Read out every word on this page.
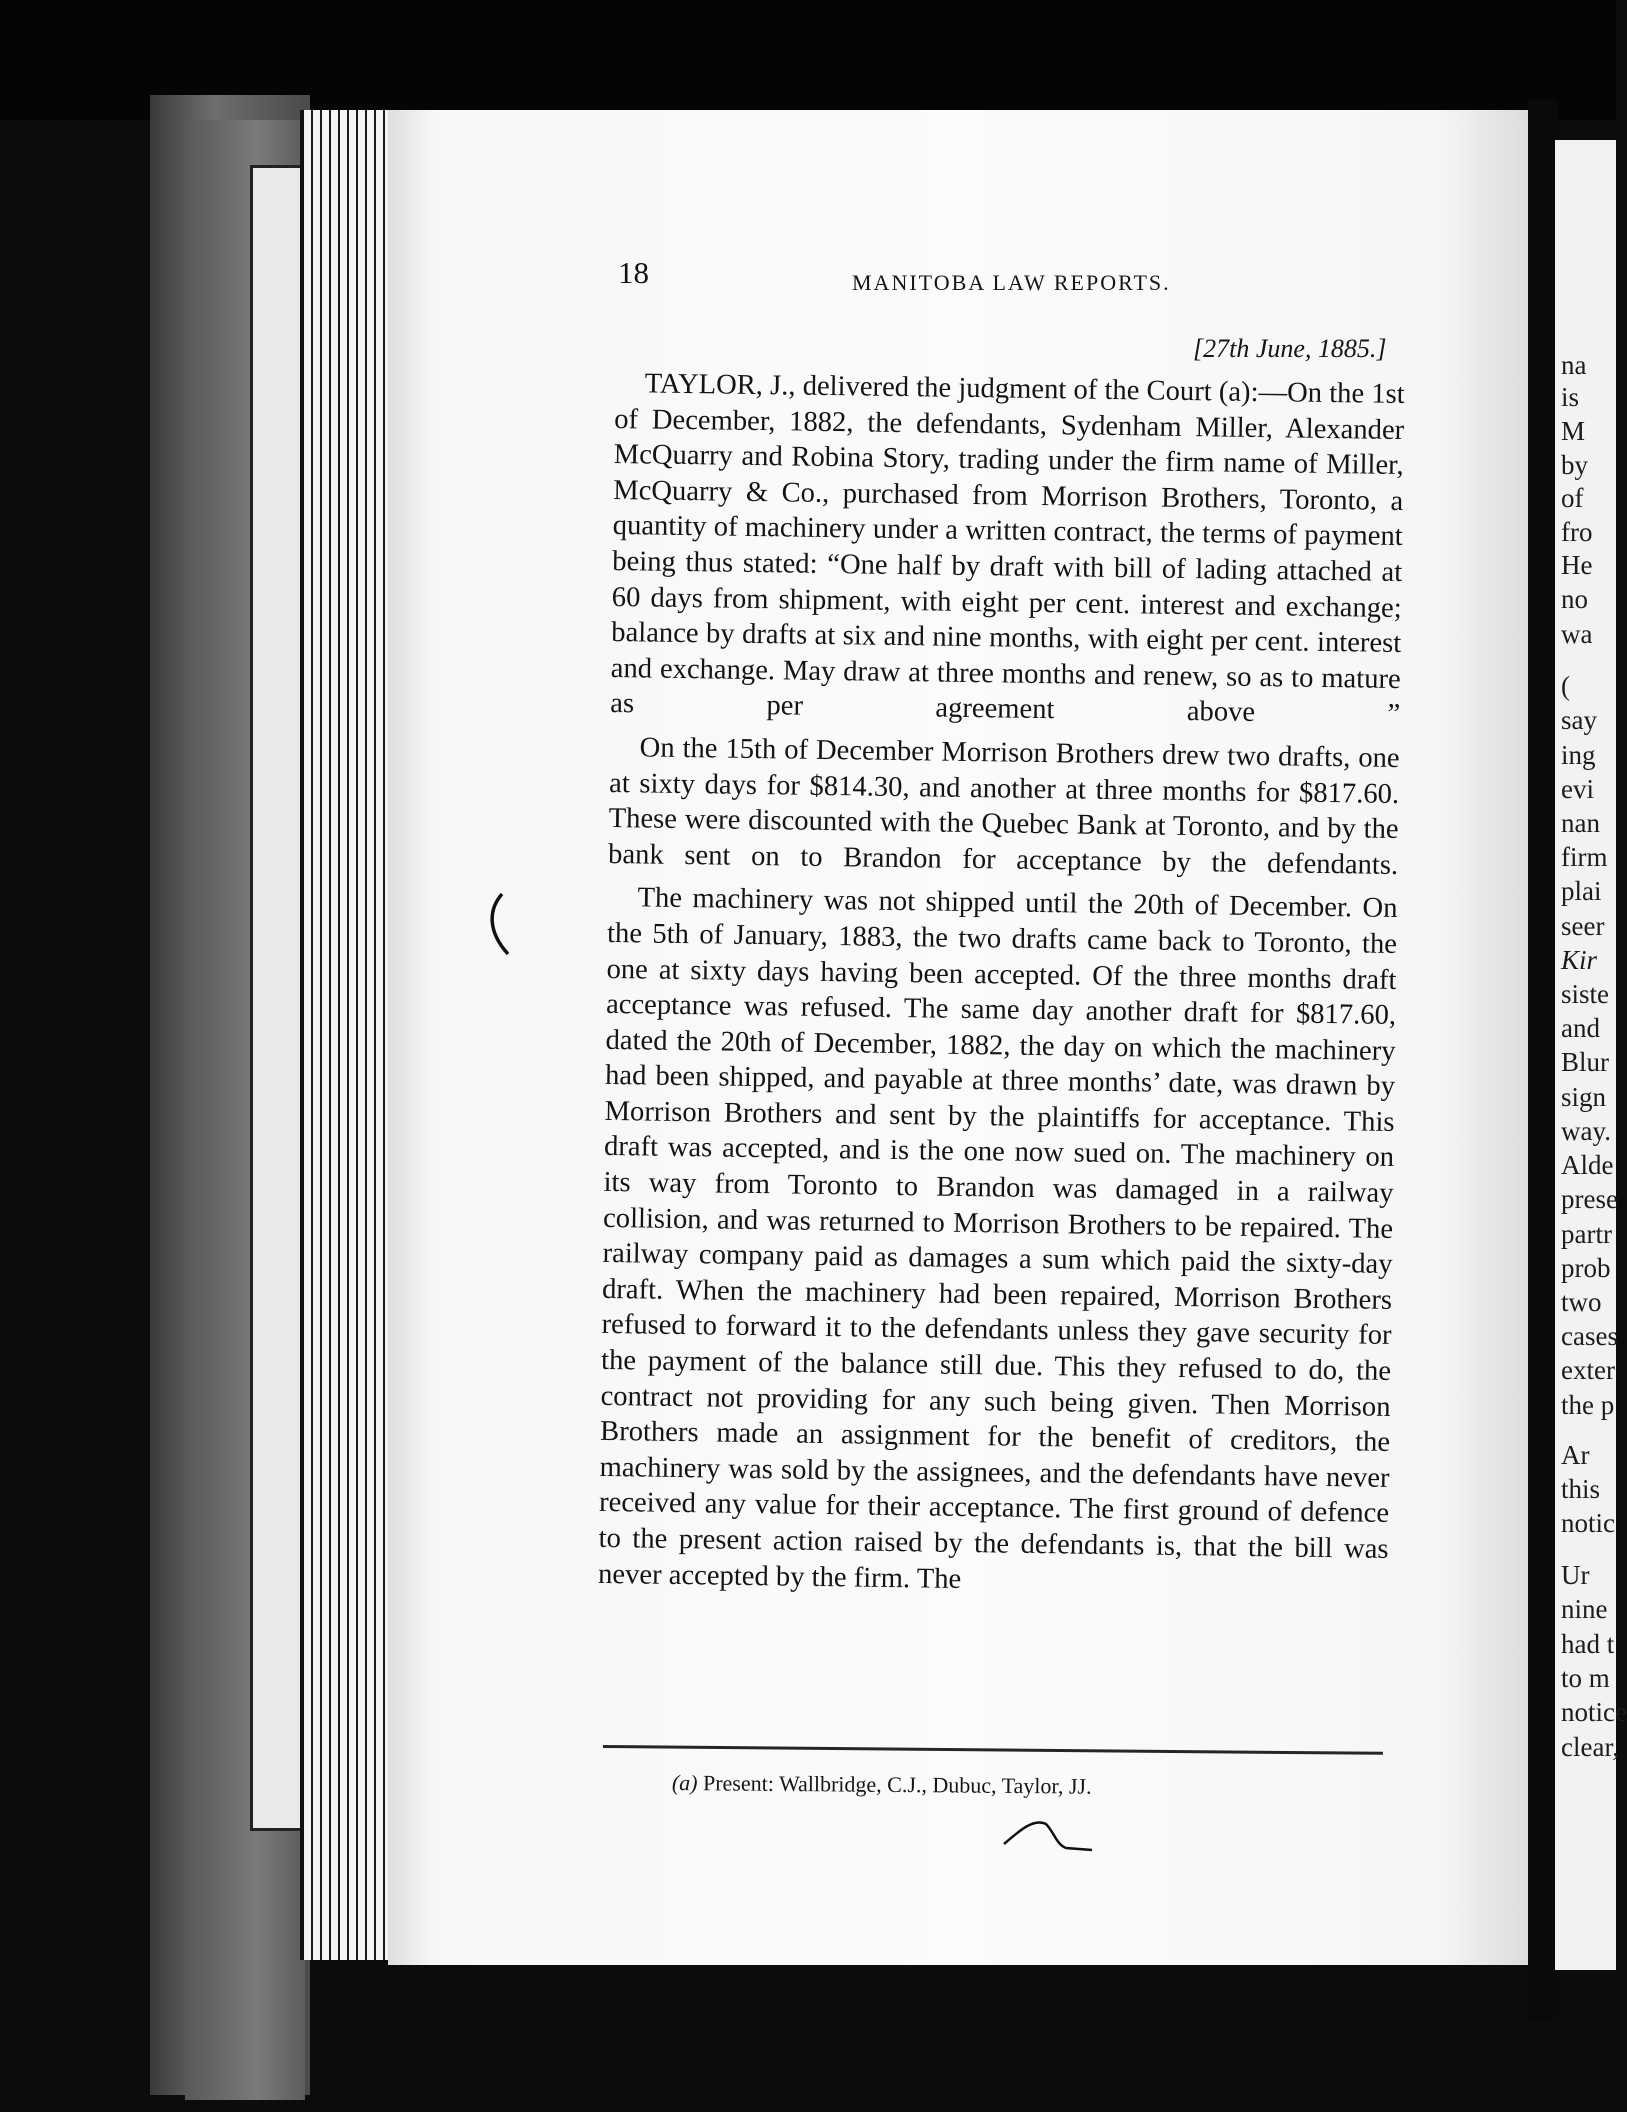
18	MANITOBA LAW REPORTS.
[27th June, 1885.]

TAYLOR, J., delivered the judgment of the Court (a):—On the 1st of December, 1882, the defendants, Sydenham Miller, Alexander McQuarry and Robina Story, trading under the firm name of Miller, McQuarry & Co., purchased from Morrison Brothers, Toronto, a quantity of machinery under a written contract, the terms of payment being thus stated: “One half by draft with bill of lading attached at 60 days from shipment, with eight per cent. interest and exchange; balance by drafts at six and nine months, with eight per cent. interest and exchange. May draw at three months and renew, so as to mature as per agreement above ”

On the 15th of December Morrison Brothers drew two drafts, one at sixty days for $814.30, and another at three months for $817.60. These were discounted with the Quebec Bank at Toronto, and by the bank sent on to Brandon for acceptance by the defendants.

The machinery was not shipped until the 20th of December. On the 5th of January, 1883, the two drafts came back to Toronto, the one at sixty days having been accepted. Of the three months draft acceptance was refused. The same day another draft for $817.60, dated the 20th of December, 1882, the day on which the machinery had been shipped, and payable at three months’ date, was drawn by Morrison Brothers and sent by the plaintiffs for acceptance. This draft was accepted, and is the one now sued on. The machinery on its way from Toronto to Brandon was damaged in a railway collision, and was returned to Morrison Brothers to be repaired. The railway company paid as damages a sum which paid the sixty-day draft. When the machinery had been repaired, Morrison Brothers refused to forward it to the defendants unless they gave security for the payment of the balance still due. This they refused to do, the contract not providing for any such being given. Then Morrison Brothers made an assignment for the benefit of creditors, the machinery was sold by the assignees, and the defendants have never received any value for their acceptance. The first ground of defence to the present action raised by the defendants is, that the bill was never accepted by the firm. The

(a) Present: Wallbridge, C.J., Dubuc, Taylor, JJ.
na
is
M
by
of
fro
He
no
wa
(
say
ing
evi
nan
firm
plai
seer
Kir
siste
and
Blur
sign
way.
Alde
prese
partr
prob
two
cases
exter
the p
Ar
this
notic
Ur
nine
had t
to m
notice
clear,
